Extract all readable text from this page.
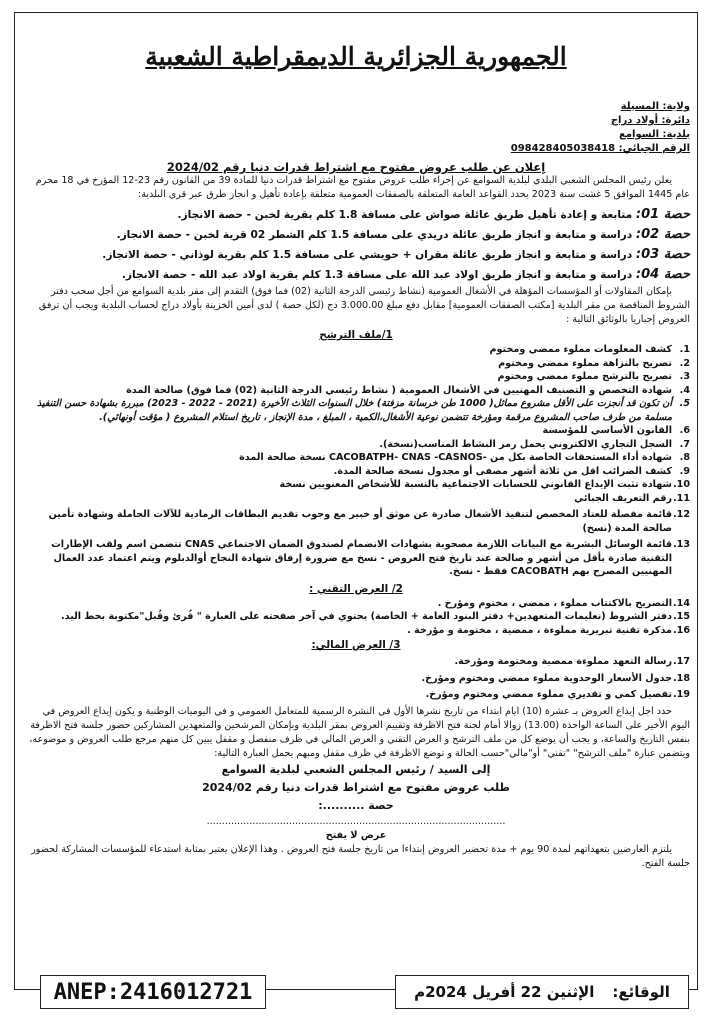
الجمهورية الجزائرية الديمقراطية الشعبية
ولاية: المسيلة
دائرة: أولاد دراج
بلدية: السوامع
الرقم الجبائي: 098428405038418
إعلان عن طلب عروض مفتوح مع اشتراط قدرات دنيا رقم 2024/02

يعلن رئيس المجلس الشعبي البلدي لبلدية السوامع عن إجراء طلب عروض مفتوح مع اشتراط قدرات دنيا للمادة 39 من القانون رقم 23-12 المؤرخ في 18 محرم عام 1445 الموافق 5 غشت سنة 2023 يحدد القواعد العامة المتعلقة بالصفقات العمومية متعلقة بإعادة تأهيل و انجاز طرق عبر قرى البلدية:

حصة 01: متابعة و إعادة تأهيل طريق عائلة صواش على مسافة 1.8 كلم بقرية لخبن - حصة الانجاز.

حصة 02: دراسة و متابعة و انجاز طريق عائلة دريدي على مسافة 1.5 كلم الشطر 02 قرية لخبن - حصة الانجاز.

حصة 03: دراسة و متابعة و انجاز طريق عائلة مقران + حويشي على مسافة 1.5 كلم بقرية لوذاني - حصة الانجاز.

حصة 04: دراسة و متابعة و انجاز طريق اولاد عبد الله على مسافة 1.3 كلم بقرية اولاد عبد الله - حصة الانجاز.

بإمكان المقاولات أو المؤسسات المؤهلة في الأشغال العمومية (نشاط رئيسي الدرجة الثانية (02) فما فوق) التقدم إلى مقر بلدية السوامع من أجل سحب دفتر الشروط المناقصة من مقر البلدية [مكتب الصفقات العمومية] مقابل دفع مبلغ 3.000.00 دج (لكل حصة ) لدى أمين الخزينة بأولاد دراج لحساب البلدية ويجب أن ترفق العروض إجباريا بالوثائق التالية :

1/ملف الترشح
1.
كشف المعلومات مملوء ممضي ومختوم
2.
تصريح بالنزاهة مملوء ممضي ومختوم
3.
تصريح بالترشح مملوء ممضي ومختوم
4.
شهادة التخصص و التصنيف المهنيين في الأشغال العمومية ( نشاط رئيسي الدرجة الثانية (02) فما فوق) صالحة المدة
5.
أن تكون قد أنجزت على الأقل مشروع مماثل( 1000 طن خرسانة مزفتة) خلال السنوات الثلاث الأخيرة (2021 - 2022 - 2023) مبررة بشهادة حسن التنفيذ مسلمة من طرف صاحب المشروع مرقمة ومؤرخة تتضمن نوعية الأشغال،الكمية ، المبلغ ، مدة الإنجاز ، تاريخ استلام المشروع ( مؤقت أونهائي).
6.
القانون الأساسي للمؤسسة
7.
السجل التجاري الالكتروني يحمل رمز النشاط المناسب(نسخة).
8.
شهادة أداء المستحقات الخاصة بكل من -CACOBATPH- CNAS -CASNOS نسخة صالحة المدة
9.
كشف الضرائب اقل من ثلاثة أشهر مصفى أو مجدول نسخة صالحة المدة.
10.
شهادة تثبت الإيداع القانوني للحسابات الاجتماعية بالنسبة للأشخاص المعنويين نسخة
11.
رقم التعريف الجبائي
12.
قائمة مفصلة للعتاد المخصص لتنفيذ الأشغال صادرة عن موثق أو خبير مع وجوب تقديم البطاقات الرمادية للآلات الحاملة وشهادة تأمين صالحة المدة (نسخ)
13.
قائمة الوسائل البشرية مع البيانات اللازمة مصحوبة بشهادات الانضمام لصندوق الضمان الاجتماعي CNAS تتضمن اسم ولقب الإطارات التقنية صادرة بأقل من أشهر و صالحة عند تاريخ فتح العروض - نسخ مع ضرورة إرفاق شهادة النجاح أوالدبلوم ويتم اعتماد عدد العمال المهنيين المصرح بهم CACOBATH فقط - نسخ.
2/ العرض التقني :
14.
التصريح بالاكتتاب مملوء ، ممضي ، مختوم ومؤرخ .
15.
دفتر الشروط (تعليمات المتعهدين+ دفتر البنود العامة + الخاصة) يحتوي في آخر صفحته على العبارة " قُرئ وقُبل"مكتوبة بخط اليد.
16.
مذكرة تقنية تبريرية مملوءة ، ممضية ، مختومة و مؤرخة .
3/ العرض المالي:
17.
رسالة التعهد مملوءة ممضية ومختومة ومؤرخة.
18.
جدول الأسعار الوحدوية مملوء ممضي ومختوم ومؤرخ.
19.
تفصيل كمي و تقديري مملوء ممضي ومختوم ومؤرخ.

حدد اجل إيداع العروض بـ عشرة (10) ايام ابتداء من تاريخ نشرها الأول في النشرة الرسمية للمتعامل العمومي و في اليوميات الوطنية و يكون إيداع العروض في اليوم الأخير على الساعة الواحدة (13.00) زوالا أمام لجنة فتح الاظرفة وتقييم العروض بمقر البلدية وبإمكان المرشحين والمتعهدين المشاركين حضور جلسة فتح الاظرفة بنفس التاريخ والساعة، و يجب أن يوضع كل من ملف الترشح و العرض التقني و العرض المالي في ظرف منفصل و مقفل يبين كل منهم مرجع طلب العروض و موضوعه، ويتضمن عبارة "ملف الترشح" "تقني" أو"مالي"حسب الحالة و توضع الاظرفة في ظرف مقفل ومبهم يحمل العبارة التالية:

إلى السيد / رئيس المجلس الشعبي لبلدية السوامع
طلب عروض مفتوح مع اشتراط قدرات دنيا رقم 2024/02
حصة ..........:
..................................................................................................
عرض لا يفتح

يلتزم العارضين بتعهداتهم لمدة 90 يوم + مدة تحضير العروض إبتداءا من تاريخ جلسة فتح العروض . وهذا الإعلان يعتبر بمثابة استدعاء للمؤسسات المشاركة لحضور جلسة الفتح.

ANEP:2416012721	الوقائع:
الإثنين 22 أفريل 2024م
